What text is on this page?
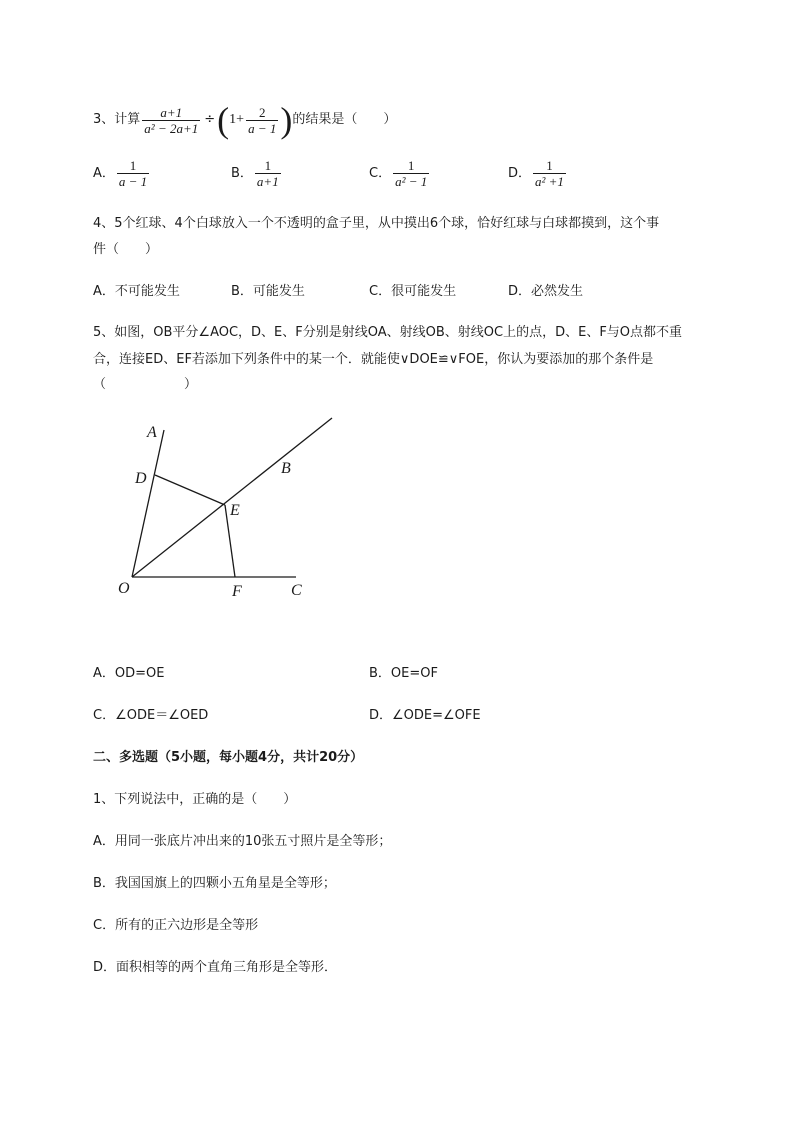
3、 计算 $\frac{a+1}{\text{a² − 2a+1}}$ ÷ ( $1+ \frac{2}{a - 1}$ ) 的结果是（　　）
A． $\frac{1}{a - 1}$	B． $\frac{1}{a+1}$	C． $\frac{1}{\text{a² − 1}}$	D． $\frac{1}{\text{a² +1}}$
4、5个红球、4个白球放入一个不透明的盒子里，从中摸出6个球，恰好红球与白球都摸到，这个事
件（　　）
A．不可能发生	B．可能发生	C．很可能发生	D．必然发生
5、如图，OB平分∠AOC，D、E、F分别是射线OA、射线OB、射线OC上的点，D、E、F与O点都不重
合，连接ED、EF若添加下列条件中的某一个．就能使∨DOE≌∨FOE，你认为要添加的那个条件是
（　　　　　　）
A
B
C
D
E
F
O
A．OD=OE	B．OE=OF
C．∠ODE＝∠OED	D．∠ODE=∠OFE
二、多选题（5小题，每小题4分，共计20分）
1、下列说法中，正确的是（　　）
A．用同一张底片冲出来的10张五寸照片是全等形；
B．我国国旗上的四颗小五角星是全等形；
C．所有的正六边形是全等形
D．面积相等的两个直角三角形是全等形．
